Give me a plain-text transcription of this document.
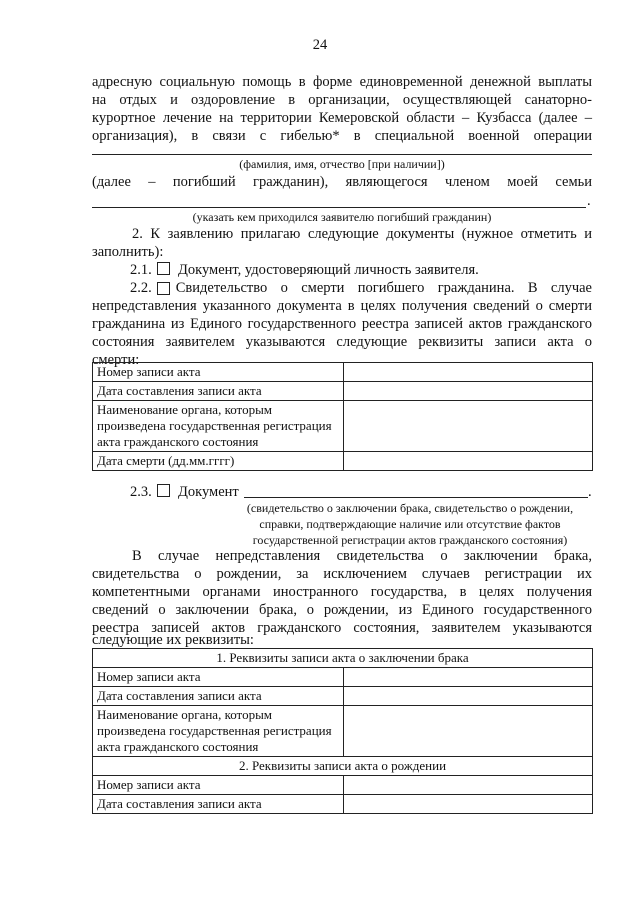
24
адресную социальную помощь в форме единовременной денежной выплаты
на отдых и оздоровление в организации, осуществляющей санаторно-
курортное лечение на территории Кемеровской области – Кузбасса (далее –
организация), в связи с гибелью* в специальной военной операции
(фамилия, имя, отчество [при наличии])
(далее – погибший гражданин), являющегося членом моей семьи
.
(указать кем приходился заявителю погибший гражданин)
2. К заявлению прилагаю следующие документы (нужное отметить и
заполнить):
2.1. Документ, удостоверяющий личность заявителя.
2.2. Свидетельство о смерти погибшего гражданина. В случае
непредставления указанного документа в целях получения сведений о смерти
гражданина из Единого государственного реестра записей актов гражданского
состояния заявителем указываются следующие реквизиты записи акта о
смерти:
Номер записи акта	
Дата составления записи акта	
Наименование органа, которым произведена государственная регистрация акта гражданского состояния	
Дата смерти (дд.мм.гггг)	
2.3. Документ	.
(свидетельство о заключении брака, свидетельство о рождении,
справки, подтверждающие наличие или отсутствие фактов
государственной регистрации актов гражданского состояния)
В случае непредставления свидетельства о заключении брака,
свидетельства о рождении, за исключением случаев регистрации их
компетентными органами иностранного государства, в целях получения
сведений о заключении брака, о рождении, из Единого государственного
реестра записей актов гражданского состояния, заявителем указываются
следующие их реквизиты:
1. Реквизиты записи акта о заключении брака	
Номер записи акта	
Дата составления записи акта	
Наименование органа, которым произведена государственная регистрация акта гражданского состояния	
2. Реквизиты записи акта о рождении	
Номер записи акта	
Дата составления записи акта	
